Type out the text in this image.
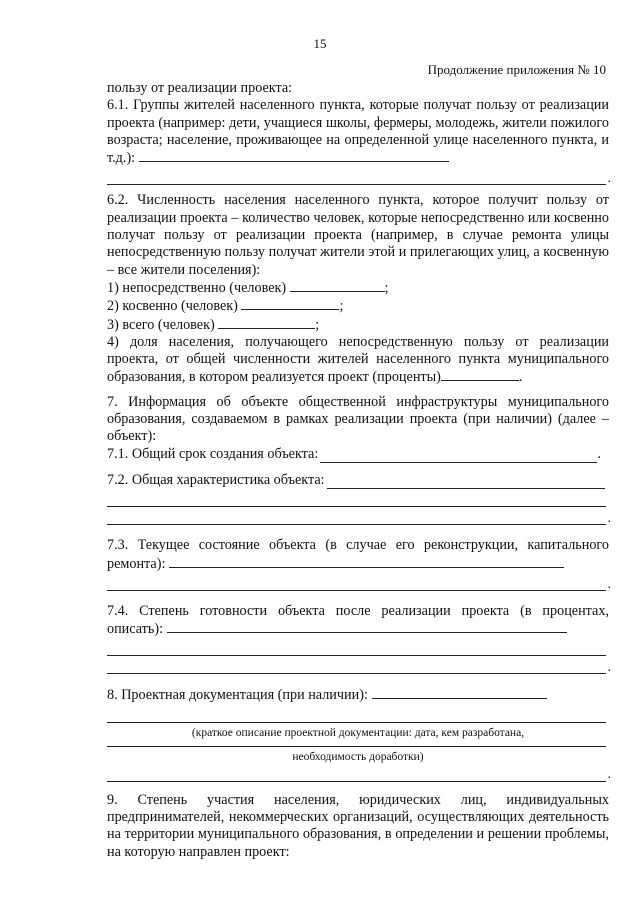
15
Продолжение приложения № 10

пользу от реализации проекта:

6.1. Группы жителей населенного пункта, которые получат пользу от реализации проекта (например: дети, учащиеся школы, фермеры, молодежь, жители пожилого возраста; население, проживающее на определенной улице населенного пункта, и т.д.):

.

6.2. Численность населения населенного пункта, которое получит пользу от реализации проекта – количество человек, которые непосредственно или косвенно получат пользу от реализации проекта (например, в случае ремонта улицы непосредственную пользу получат жители этой и прилегающих улиц, а косвенную – все жители поселения):

1) непосредственно (человек)	;

2) косвенно (человек)	;

3) всего (человек)	;

4) доля населения, получающего непосредственную пользу от реализации проекта, от общей численности жителей населенного пункта муниципального образования, в котором реализуется проект (проценты)	.

7. Информация об объекте общественной инфраструктуры муниципального образования, создаваемом в рамках реализации проекта (при наличии) (далее – объект):

7.1. Общий срок создания объекта:	.
7.2. Общая характеристика объекта:
.

7.3. Текущее состояние объекта (в случае его реконструкции, капитального ремонта):

.

7.4. Степень готовности объекта после реализации проекта (в процентах, описать):

.

8. Проектная документация (при наличии):

(краткое описание проектной документации: дата, кем разработана,
необходимость доработки)
.

9. Степень участия населения, юридических лиц, индивидуальных предпринимателей, некоммерческих организаций, осуществляющих деятельность на территории муниципального образования, в определении и решении проблемы, на которую направлен проект:
